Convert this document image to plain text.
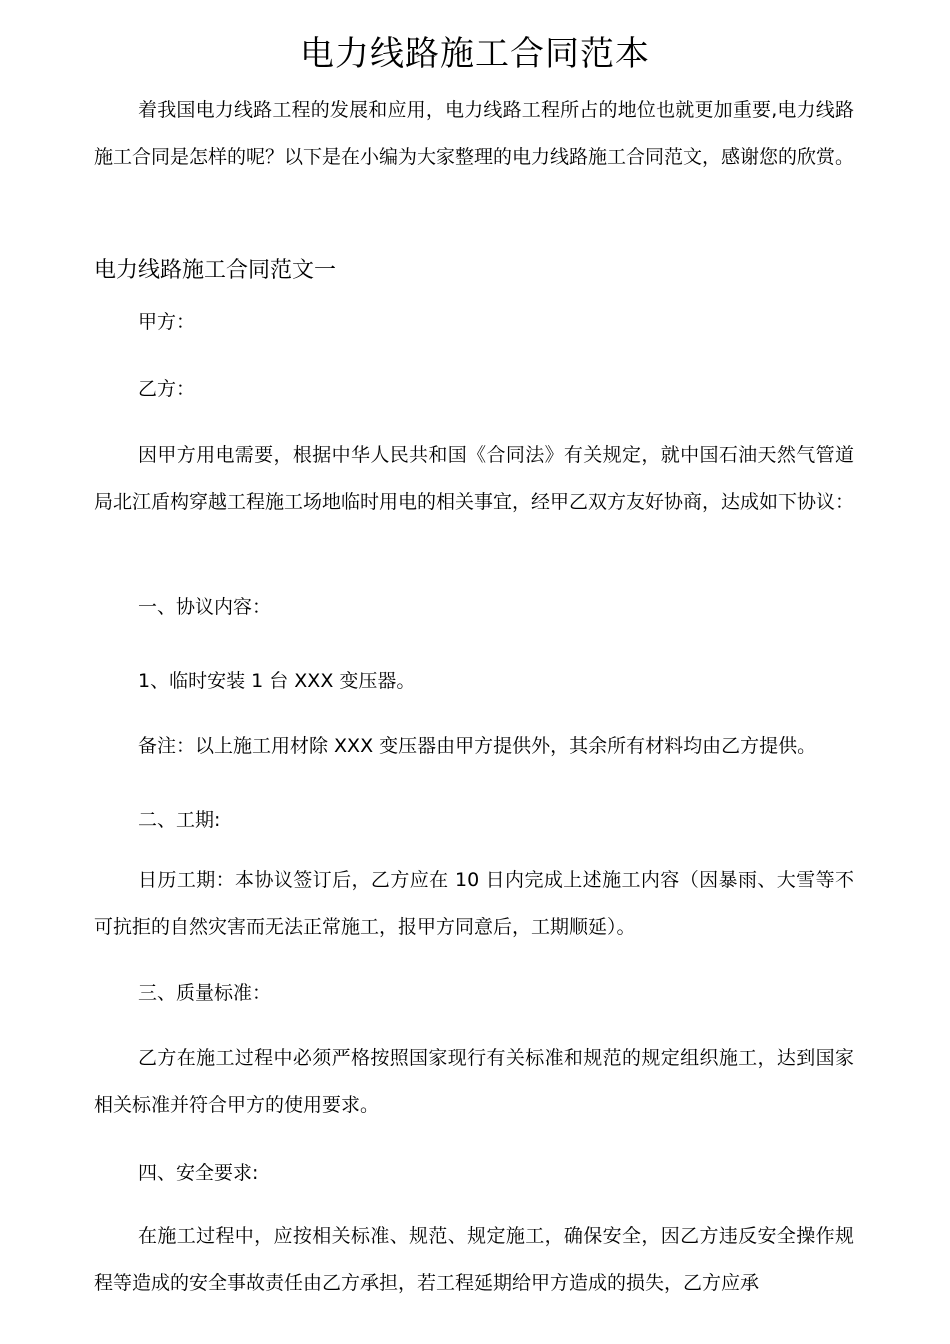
电力线路施工合同范本

着我国电力线路工程的发展和应用，电力线路工程所占的地位也就更加重要,电力线路施工合同是怎样的呢？以下是在小编为大家整理的电力线路施工合同范文，感谢您的欣赏。

电力线路施工合同范文一

甲方：

乙方：

因甲方用电需要，根据中华人民共和国《合同法》有关规定，就中国石油天然气管道局北江盾构穿越工程施工场地临时用电的相关事宜，经甲乙双方友好协商，达成如下协议：

一、协议内容：

1、临时安装 1 台 XXX 变压器。

备注：以上施工用材除 XXX 变压器由甲方提供外，其余所有材料均由乙方提供。

二、工期:

日历工期：本协议签订后，乙方应在 10 日内完成上述施工内容（因暴雨、大雪等不可抗拒的自然灾害而无法正常施工，报甲方同意后，工期顺延）。

三、质量标准：

乙方在施工过程中必须严格按照国家现行有关标准和规范的规定组织施工，达到国家相关标准并符合甲方的使用要求。

四、安全要求:

在施工过程中，应按相关标准、规范、规定施工，确保安全，因乙方违反安全操作规程等造成的安全事故责任由乙方承担，若工程延期给甲方造成的损失，乙方应承
